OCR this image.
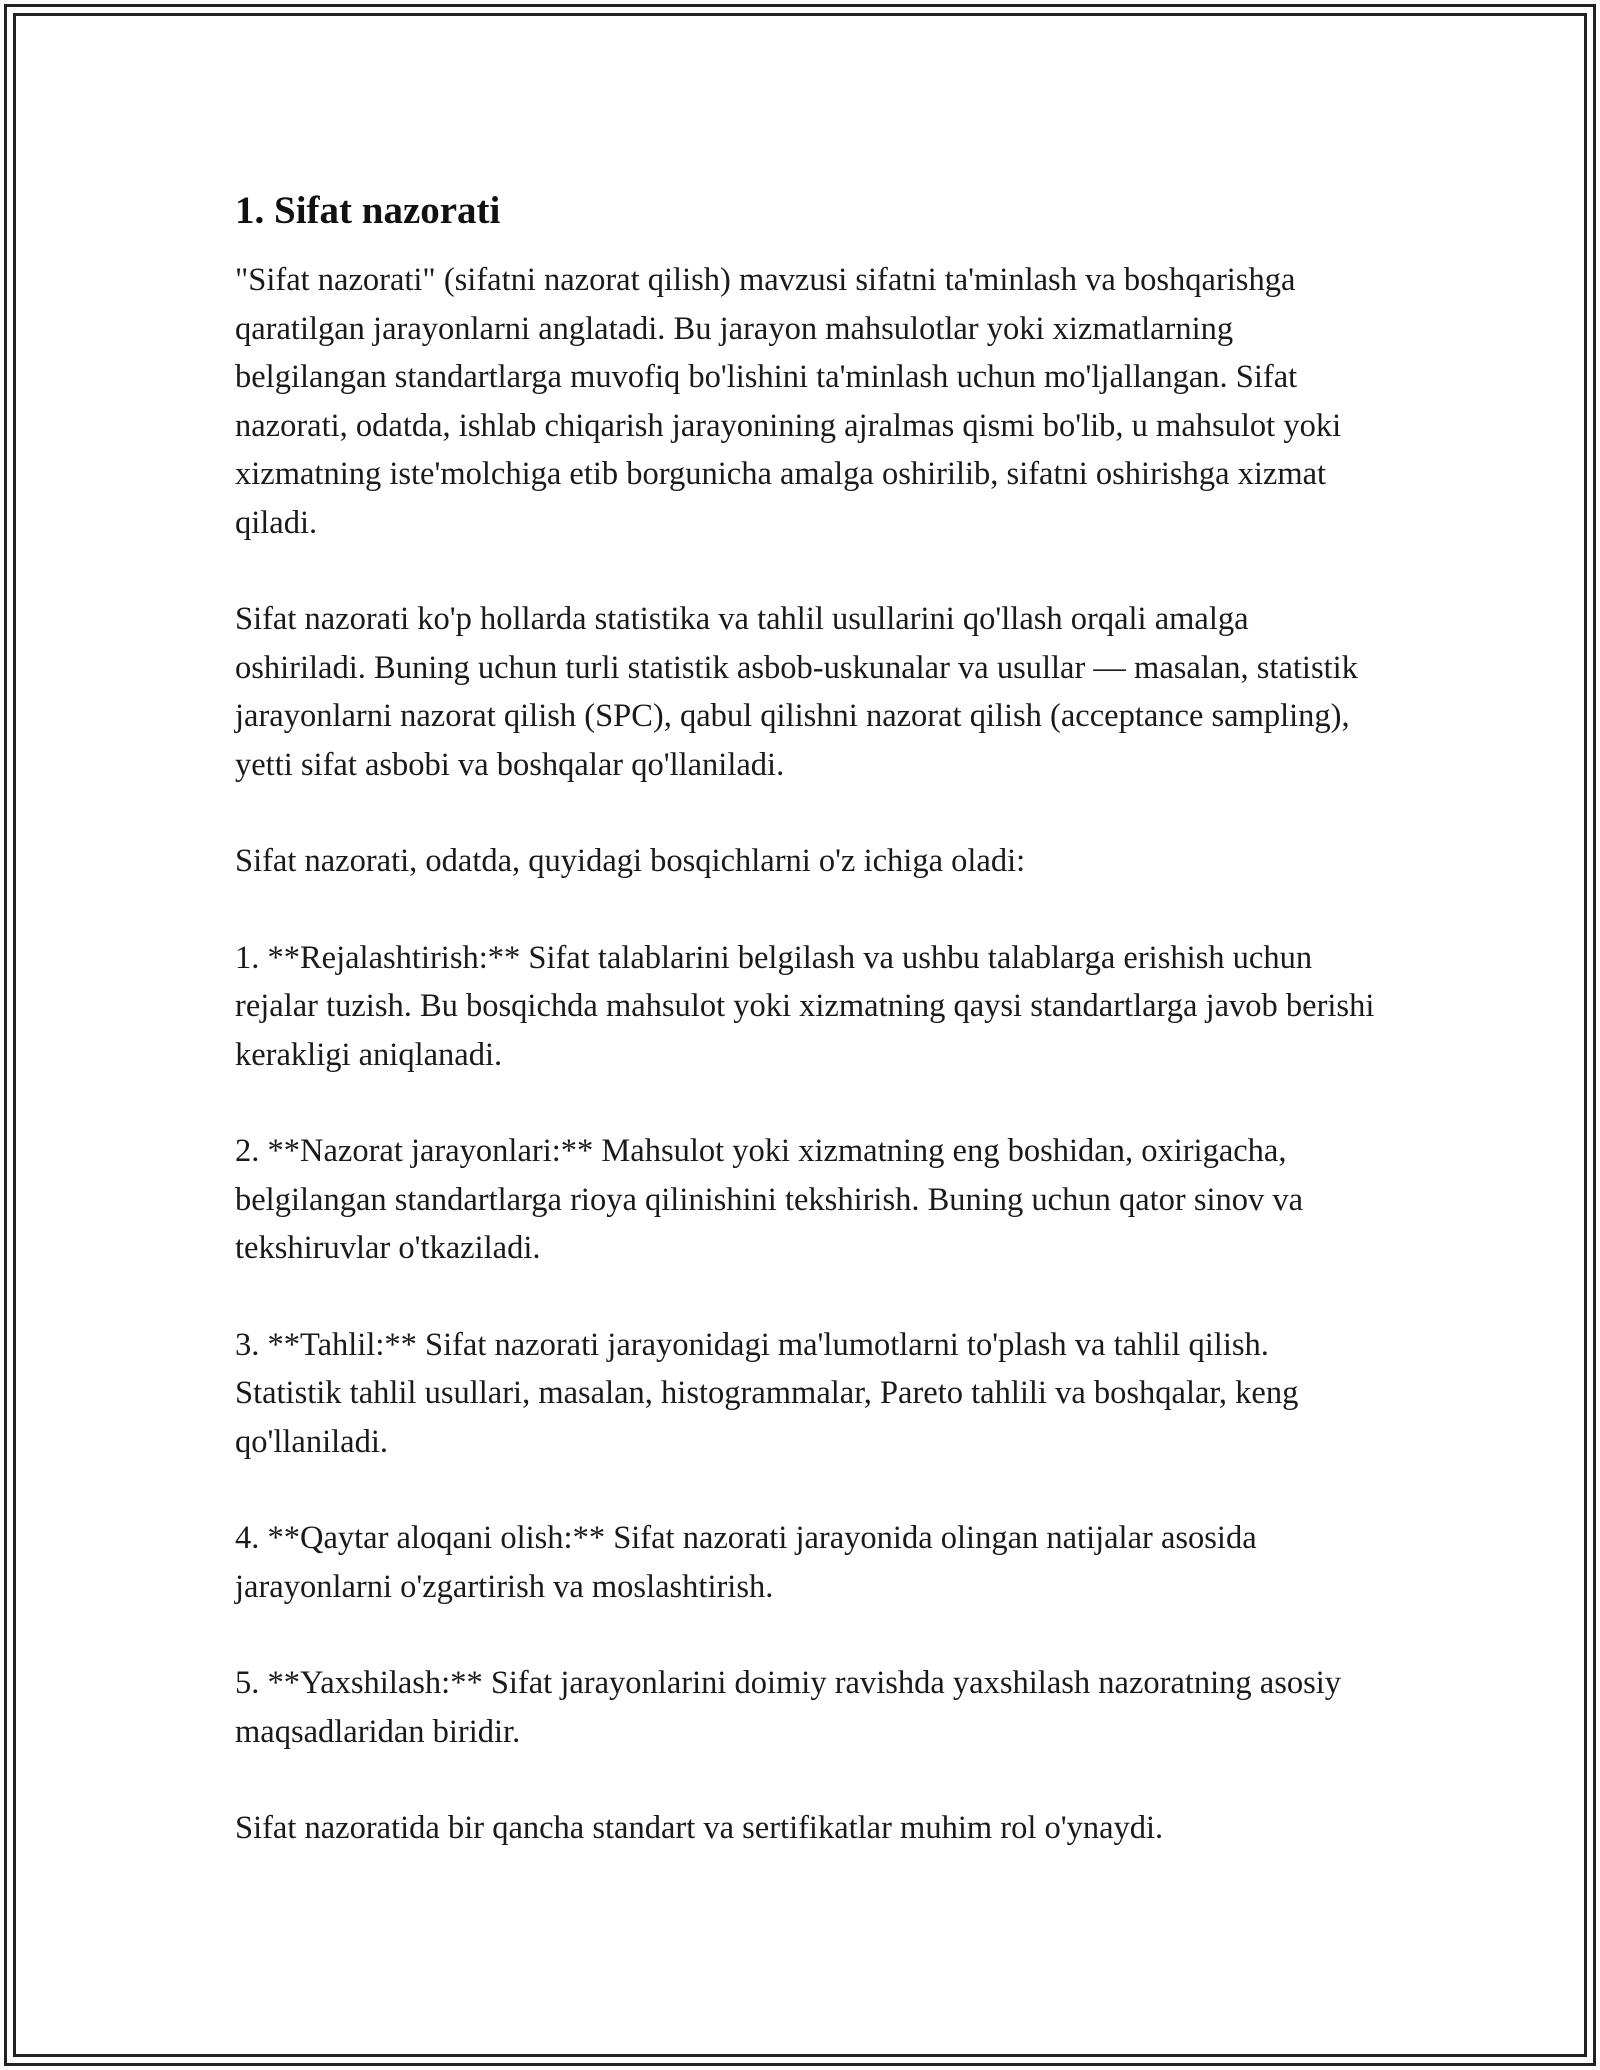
1. Sifat nazorati

"Sifat nazorati" (sifatni nazorat qilish) mavzusi sifatni ta'minlash va boshqarishga qaratilgan jarayonlarni anglatadi. Bu jarayon mahsulotlar yoki xizmatlarning belgilangan standartlarga muvofiq bo'lishini ta'minlash uchun mo'ljallangan. Sifat nazorati, odatda, ishlab chiqarish jarayonining ajralmas qismi bo'lib, u mahsulot yoki xizmatning iste'molchiga etib borgunicha amalga oshirilib, sifatni oshirishga xizmat qiladi.

Sifat nazorati ko'p hollarda statistika va tahlil usullarini qo'llash orqali amalga oshiriladi. Buning uchun turli statistik asbob-uskunalar va usullar — masalan, statistik jarayonlarni nazorat qilish (SPC), qabul qilishni nazorat qilish (acceptance sampling), yetti sifat asbobi va boshqalar qo'llaniladi.

Sifat nazorati, odatda, quyidagi bosqichlarni o'z ichiga oladi:

1. **Rejalashtirish:** Sifat talablarini belgilash va ushbu talablarga erishish uchun rejalar tuzish. Bu bosqichda mahsulot yoki xizmatning qaysi standartlarga javob berishi kerakligi aniqlanadi.

2. **Nazorat jarayonlari:** Mahsulot yoki xizmatning eng boshidan, oxirigacha, belgilangan standartlarga rioya qilinishini tekshirish. Buning uchun qator sinov va tekshiruvlar o'tkaziladi.

3. **Tahlil:** Sifat nazorati jarayonidagi ma'lumotlarni to'plash va tahlil qilish. Statistik tahlil usullari, masalan, histogrammalar, Pareto tahlili va boshqalar, keng qo'llaniladi.

4. **Qaytar aloqani olish:** Sifat nazorati jarayonida olingan natijalar asosida jarayonlarni o'zgartirish va moslashtirish.

5. **Yaxshilash:** Sifat jarayonlarini doimiy ravishda yaxshilash nazoratning asosiy maqsadlaridan biridir.

Sifat nazoratida bir qancha standart va sertifikatlar muhim rol o'ynaydi.
